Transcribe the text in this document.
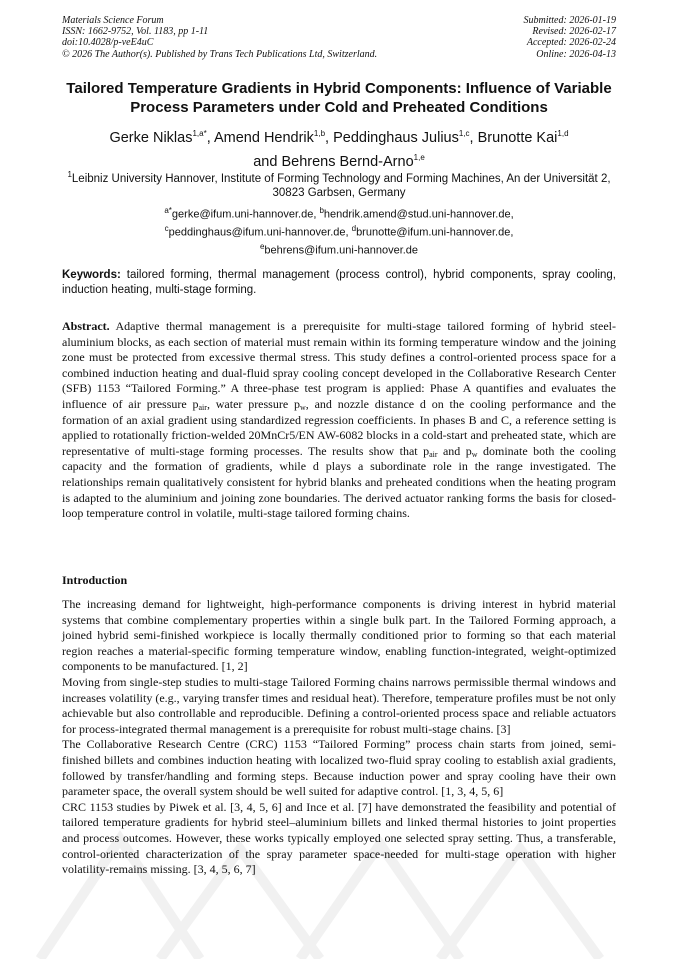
Materials Science Forum
ISSN: 1662-9752, Vol. 1183, pp 1-11
doi:10.4028/p-veE4uC
© 2026 The Author(s). Published by Trans Tech Publications Ltd, Switzerland.
Submitted: 2026-01-19
Revised: 2026-02-17
Accepted: 2026-02-24
Online: 2026-04-13
Tailored Temperature Gradients in Hybrid Components: Influence of Variable Process Parameters under Cold and Preheated Conditions
Gerke Niklas$^{1,a*}$, Amend Hendrik$^{1,b}$, Peddinghaus Julius$^{1,c}$, Brunotte Kai$^{1,d}$
and Behrens Bernd-Arno$^{1,e}$
$^1$Leibniz University Hannover, Institute of Forming Technology and Forming Machines, An der Universität 2, 30823 Garbsen, Germany
$^{a*}$gerke@ifum.uni-hannover.de, $^b$hendrik.amend@stud.uni-hannover.de,
$^c$peddinghaus@ifum.uni-hannover.de, $^d$brunotte@ifum.uni-hannover.de,
$^e$behrens@ifum.uni-hannover.de
Keywords: tailored forming, thermal management (process control), hybrid components, spray cooling, induction heating, multi-stage forming.
Abstract. Adaptive thermal management is a prerequisite for multi-stage tailored forming of hybrid steel-aluminium blocks, as each section of material must remain within its forming temperature window and the joining zone must be protected from excessive thermal stress. This study defines a control-oriented process space for a combined induction heating and dual-fluid spray cooling concept developed in the Collaborative Research Center (SFB) 1153 “Tailored Forming.” A three-phase test program is applied: Phase A quantifies and evaluates the influence of air pressure $p_{air}$, water pressure $p_w$, and nozzle distance d on the cooling performance and the formation of an axial gradient using standardized regression coefficients. In phases B and C, a reference setting is applied to rotationally friction-welded 20MnCr5/EN AW-6082 blocks in a cold-start and preheated state, which are representative of multi-stage forming processes. The results show that $p_{air}$ and $p_w$ dominate both the cooling capacity and the formation of gradients, while d plays a subordinate role in the range investigated. The relationships remain qualitatively consistent for hybrid blanks and preheated conditions when the heating program is adapted to the aluminium and joining zone boundaries. The derived actuator ranking forms the basis for closed-loop temperature control in volatile, multi-stage tailored forming chains.
Introduction

The increasing demand for lightweight, high-performance components is driving interest in hybrid material systems that combine complementary properties within a single bulk part. In the Tailored Forming approach, a joined hybrid semi-finished workpiece is locally thermally conditioned prior to forming so that each material region reaches a material-specific forming temperature window, enabling function-integrated, weight-optimized components to be manufactured. [1, 2]

Moving from single-step studies to multi-stage Tailored Forming chains narrows permissible thermal windows and increases volatility (e.g., varying transfer times and residual heat). Therefore, temperature profiles must be not only achievable but also controllable and reproducible. Defining a control-oriented process space and reliable actuators for process-integrated thermal management is a prerequisite for robust multi-stage chains. [3]

The Collaborative Research Centre (CRC) 1153 “Tailored Forming” process chain starts from joined, semi-finished billets and combines induction heating with localized two-fluid spray cooling to establish axial gradients, followed by transfer/handling and forming steps. Because induction power and spray cooling have their own parameter space, the overall system should be well suited for adaptive control. [1, 3, 4, 5, 6]

CRC 1153 studies by Piwek et al. [3, 4, 5, 6] and Ince et al. [7] have demonstrated the feasibility and potential of tailored temperature gradients for hybrid steel–aluminium billets and linked thermal histories to joint properties and process outcomes. However, these works typically employed one selected spray setting. Thus, a transferable, control-oriented characterization of the spray parameter space-needed for multi-stage operation with higher volatility-remains missing. [3, 4, 5, 6, 7]
